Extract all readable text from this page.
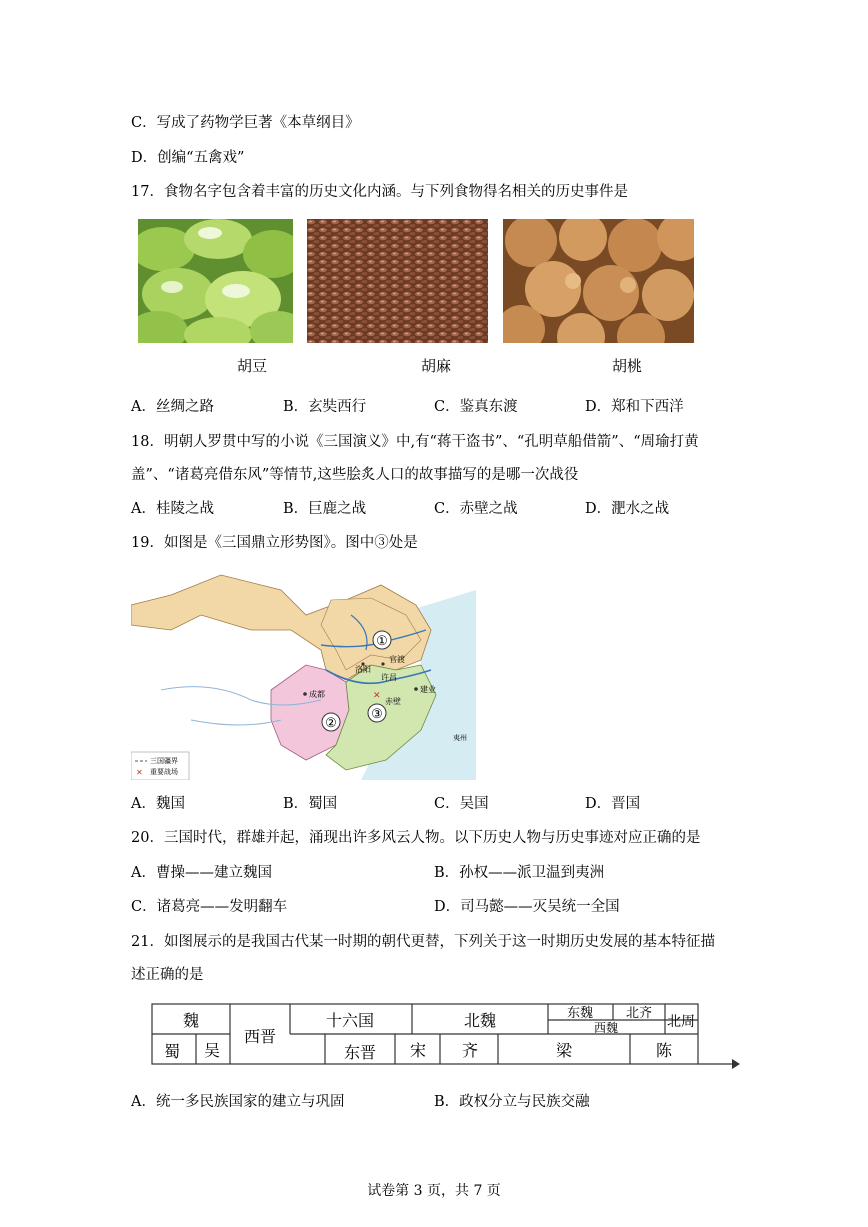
C．写成了药物学巨著《本草纲目》
D．创编“五禽戏”
17．食物名字包含着丰富的历史文化内涵。与下列食物得名相关的历史事件是
胡豆	胡麻	胡桃
A．丝绸之路	B．玄奘西行	C．鉴真东渡	D．郑和下西洋
18．明朝人罗贯中写的小说《三国演义》中,有“蒋干盗书”、“孔明草船借箭”、“周瑜打黄
盖”、“诸葛亮借东风”等情节,这些脍炙人口的故事描写的是哪一次战役
A．桂陵之战	B．巨鹿之战	C．赤壁之战	D．淝水之战
19．如图是《三国鼎立形势图》。图中③处是
①
②
③
洛阳
许昌
官渡
成都
建业
✕
赤壁
夷州
三国疆界
✕ 重要战场
A．魏国	B．蜀国	C．吴国	D．晋国
20．三国时代，群雄并起，涌现出许多风云人物。以下历史人物与历史事迹对应正确的是
A．曹操——建立魏国	B．孙权——派卫温到夷洲
C．诸葛亮——发明翻车	D．司马懿——灭吴统一全国
21．如图展示的是我国古代某一时期的朝代更替，下列关于这一时期历史发展的基本特征描
述正确的是
魏
蜀 吴
西晋
十六国	北魏	东魏	北齐
西魏	北周
东晋 宋 齐	梁	陈
A．统一多民族国家的建立与巩固	B．政权分立与民族交融
试卷第 3 页，共 7 页
